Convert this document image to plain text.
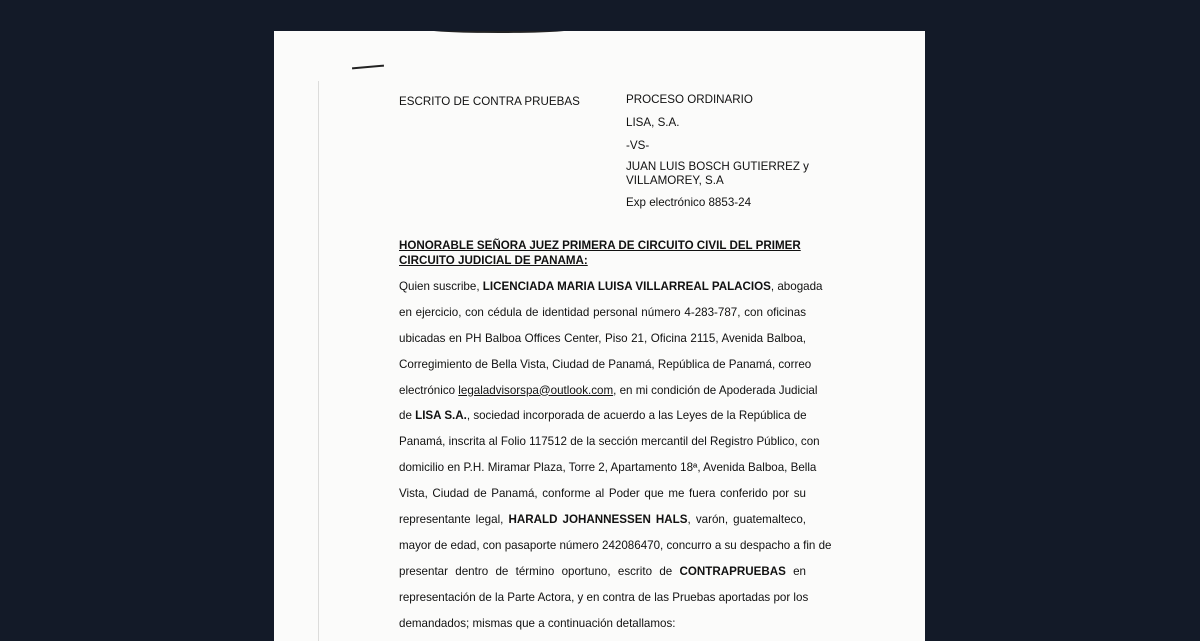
ESCRITO DE CONTRA PRUEBAS	PROCESO ORDINARIO
LISA, S.A.
-VS-
JUAN LUIS BOSCH GUTIERREZ y
VILLAMOREY, S.A
Exp electrónico 8853-24
HONORABLE SEÑORA JUEZ PRIMERA DE CIRCUITO CIVIL DEL PRIMER
CIRCUITO JUDICIAL DE PANAMA:
Quien suscribe, LICENCIADA MARIA LUISA VILLARREAL PALACIOS, abogada
en ejercicio, con cédula de identidad personal número 4-283-787, con oficinas
ubicadas en PH Balboa Offices Center, Piso 21, Oficina 2115, Avenida Balboa,
Corregimiento de Bella Vista, Ciudad de Panamá, República de Panamá, correo
electrónico legaladvisorspa@outlook.com, en mi condición de Apoderada Judicial
de LISA S.A., sociedad incorporada de acuerdo a las Leyes de la República de
Panamá, inscrita al Folio 117512 de la sección mercantil del Registro Público, con
domicilio en P.H. Miramar Plaza, Torre 2, Apartamento 18ª, Avenida Balboa, Bella
Vista, Ciudad de Panamá, conforme al Poder que me fuera conferido por su
representante legal, HARALD JOHANNESSEN HALS, varón, guatemalteco,
mayor de edad, con pasaporte número 242086470, concurro a su despacho a fin de
presentar dentro de término oportuno, escrito de CONTRAPRUEBAS en
representación de la Parte Actora, y en contra de las Pruebas aportadas por los
demandados; mismas que a continuación detallamos:
